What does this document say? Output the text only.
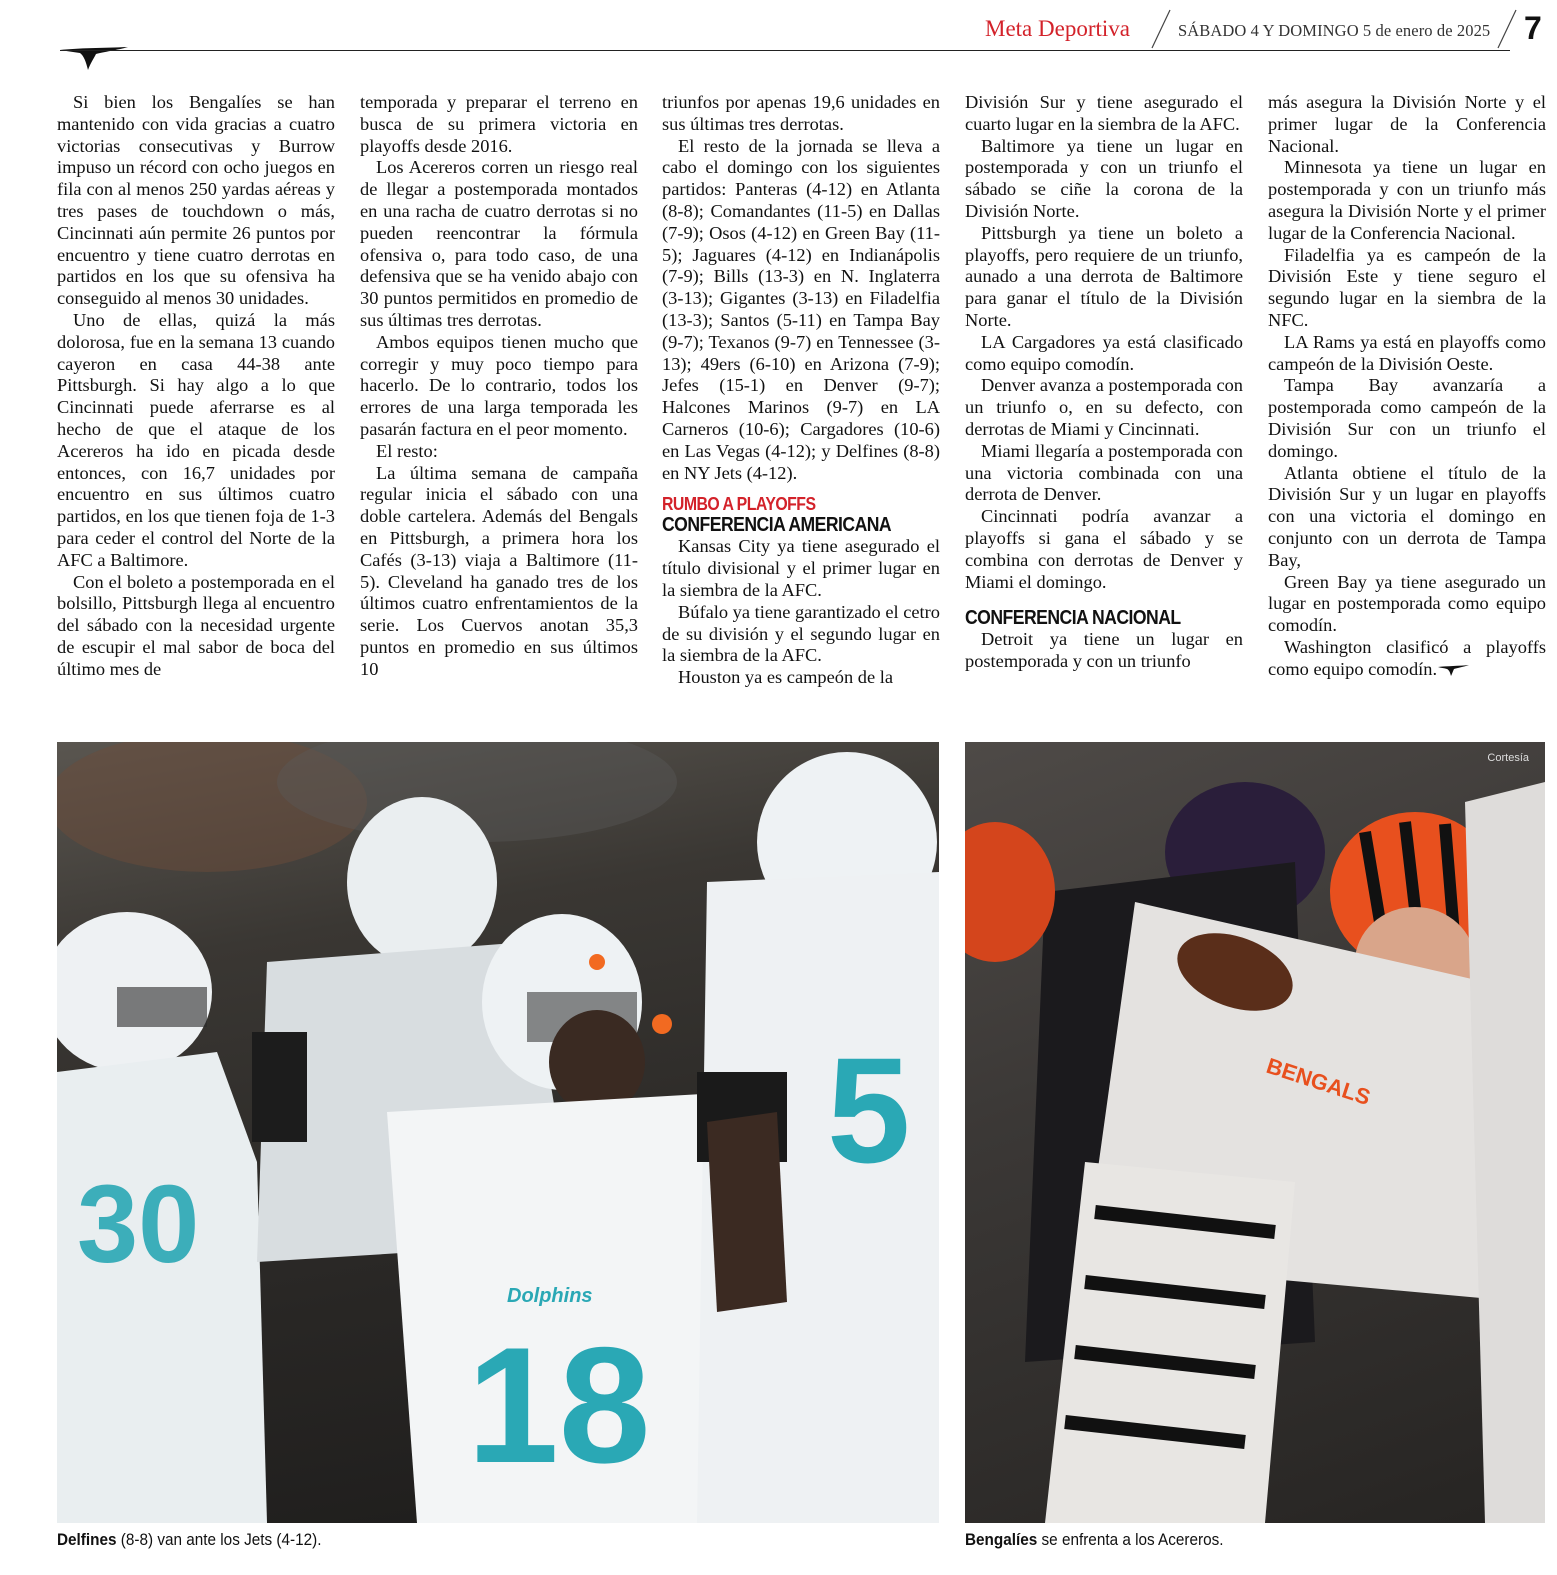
Meta Deportiva	SÁBADO 4 Y DOMINGO 5 de enero de 2025 7

Si bien los Bengalíes se han mantenido con vida gracias a cuatro victorias consecutivas y Burrow impuso un récord con ocho juegos en fila con al menos 250 yardas aéreas y tres pases de touchdown o más, Cincinnati aún permite 26 puntos por encuentro y tiene cuatro derrotas en partidos en los que su ofensiva ha conseguido al menos 30 unidades.

Uno de ellas, quizá la más dolorosa, fue en la semana 13 cuando cayeron en casa 44-38 ante Pittsburgh. Si hay algo a lo que Cincinnati puede aferrarse es al hecho de que el ataque de los Acereros ha ido en picada desde entonces, con 16,7 unidades por encuentro en sus últimos cuatro partidos, en los que tienen foja de 1-3 para ceder el control del Norte de la AFC a Baltimore.

Con el boleto a postemporada en el bolsillo, Pittsburgh llega al encuentro del sábado con la necesidad urgente de escupir el mal sabor de boca del último mes de

temporada y preparar el terreno en busca de su primera victoria en playoffs desde 2016.

Los Acereros corren un riesgo real de llegar a postemporada montados en una racha de cuatro derrotas si no pueden reencontrar la fórmula ofensiva o, para todo caso, de una defensiva que se ha venido abajo con 30 puntos permitidos en promedio de sus últimas tres derrotas.

Ambos equipos tienen mucho que corregir y muy poco tiempo para hacerlo. De lo contrario, todos los errores de una larga temporada les pasarán factura en el peor momento.

El resto:

La última semana de campaña regular inicia el sábado con una doble cartelera. Además del Bengals en Pittsburgh, a primera hora los Cafés (3-13) viaja a Baltimore (11-5). Cleveland ha ganado tres de los últimos cuatro enfrentamientos de la serie. Los Cuervos anotan 35,3 puntos en promedio en sus últimos 10

triunfos por apenas 19,6 unidades en sus últimas tres derrotas.

El resto de la jornada se lleva a cabo el domingo con los siguientes partidos: Panteras (4-12) en Atlanta (8-8); Comandantes (11-5) en Dallas (7-9); Osos (4-12) en Green Bay (11-5); Jaguares (4-12) en Indianápolis (7-9); Bills (13-3) en N. Inglaterra (3-13); Gigantes (3-13) en Filadelfia (13-3); Santos (5-11) en Tampa Bay (9-7); Texanos (9-7) en Tennessee (3-13); 49ers (6-10) en Arizona (7-9); Jefes (15-1) en Denver (9-7); Halcones Marinos (9-7) en LA Carneros (10-6); Cargadores (10-6) en Las Vegas (4-12); y Delfines (8-8) en NY Jets (4-12).

RUMBO A PLAYOFFS
CONFERENCIA AMERICANA

Kansas City ya tiene asegurado el título divisional y el primer lugar en la siembra de la AFC.

Búfalo ya tiene garantizado el cetro de su división y el segundo lugar en la siembra de la AFC.

Houston ya es campeón de la

División Sur y tiene asegurado el cuarto lugar en la siembra de la AFC.

Baltimore ya tiene un lugar en postemporada y con un triunfo el sábado se ciñe la corona de la División Norte.

Pittsburgh ya tiene un boleto a playoffs, pero requiere de un triunfo, aunado a una derrota de Baltimore para ganar el título de la División Norte.

LA Cargadores ya está clasificado como equipo comodín.

Denver avanza a postemporada con un triunfo o, en su defecto, con derrotas de Miami y Cincinnati.

Miami llegaría a postemporada con una victoria combinada con una derrota de Denver.

Cincinnati podría avanzar a playoffs si gana el sábado y se combina con derrotas de Denver y Miami el domingo.

CONFERENCIA NACIONAL

Detroit ya tiene un lugar en postemporada y con un triunfo

más asegura la División Norte y el primer lugar de la Conferencia Nacional.

Minnesota ya tiene un lugar en postemporada y con un triunfo más asegura la División Norte y el primer lugar de la Conferencia Nacional.

Filadelfia ya es campeón de la División Este y tiene seguro el segundo lugar en la siembra de la NFC.

LA Rams ya está en playoffs como campeón de la División Oeste.

Tampa Bay avanzaría a postemporada como campeón de la División Sur con un triunfo el domingo.

Atlanta obtiene el título de la División Sur y un lugar en playoffs con una victoria el domingo en conjunto con un derrota de Tampa Bay,

Green Bay ya tiene asegurado un lugar en postemporada como equipo comodín.

Washington clasificó a playoffs como equipo comodín.

30
Dolphins
18
5	BENGALS
Cortesía
Delfines (8-8) van ante los Jets (4-12).	Bengalíes se enfrenta a los Acereros.
